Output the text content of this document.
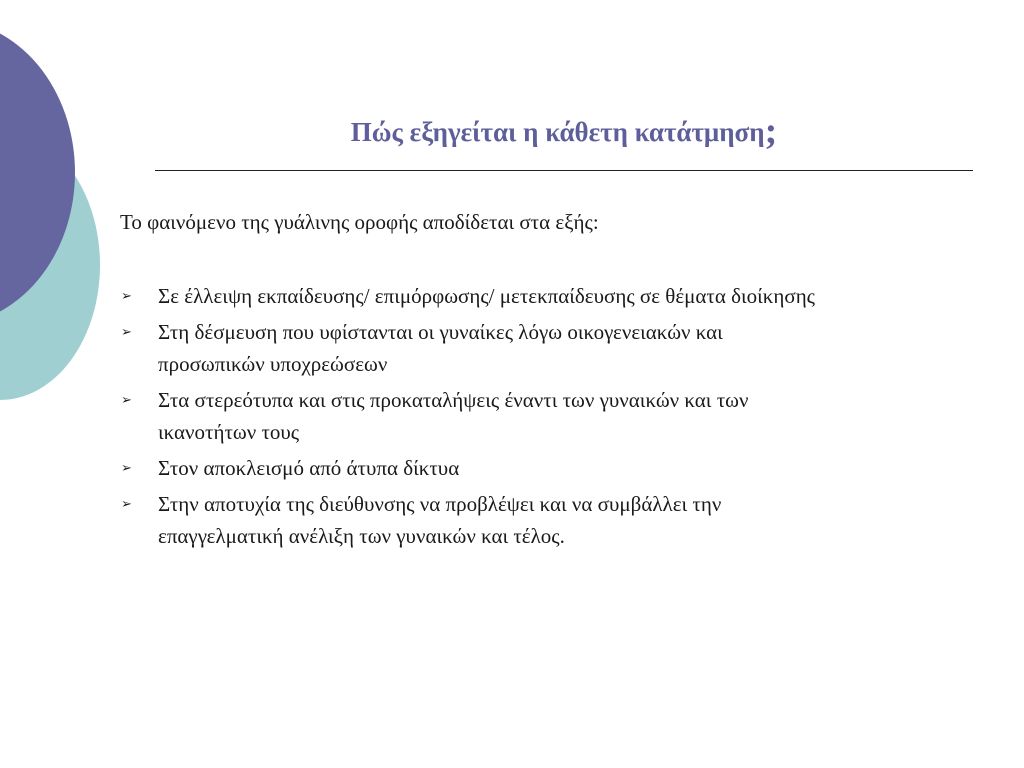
Πώς εξηγείται η κάθετη κατάτμηση;

Το φαινόμενο της γυάλινης οροφής αποδίδεται στα εξής:

➢ Σε έλλειψη εκπαίδευσης/ επιμόρφωσης/ μετεκπαίδευσης σε θέματα διοίκησης
➢ Στη δέσμευση που υφίστανται οι γυναίκες λόγω οικογενειακών και
προσωπικών υποχρεώσεων
➢ Στα στερεότυπα και στις προκαταλήψεις έναντι των γυναικών και των
ικανοτήτων τους
➢ Στον αποκλεισμό από άτυπα δίκτυα
➢ Στην αποτυχία της διεύθυνσης να προβλέψει και να συμβάλλει την
επαγγελματική ανέλιξη των γυναικών και τέλος.
